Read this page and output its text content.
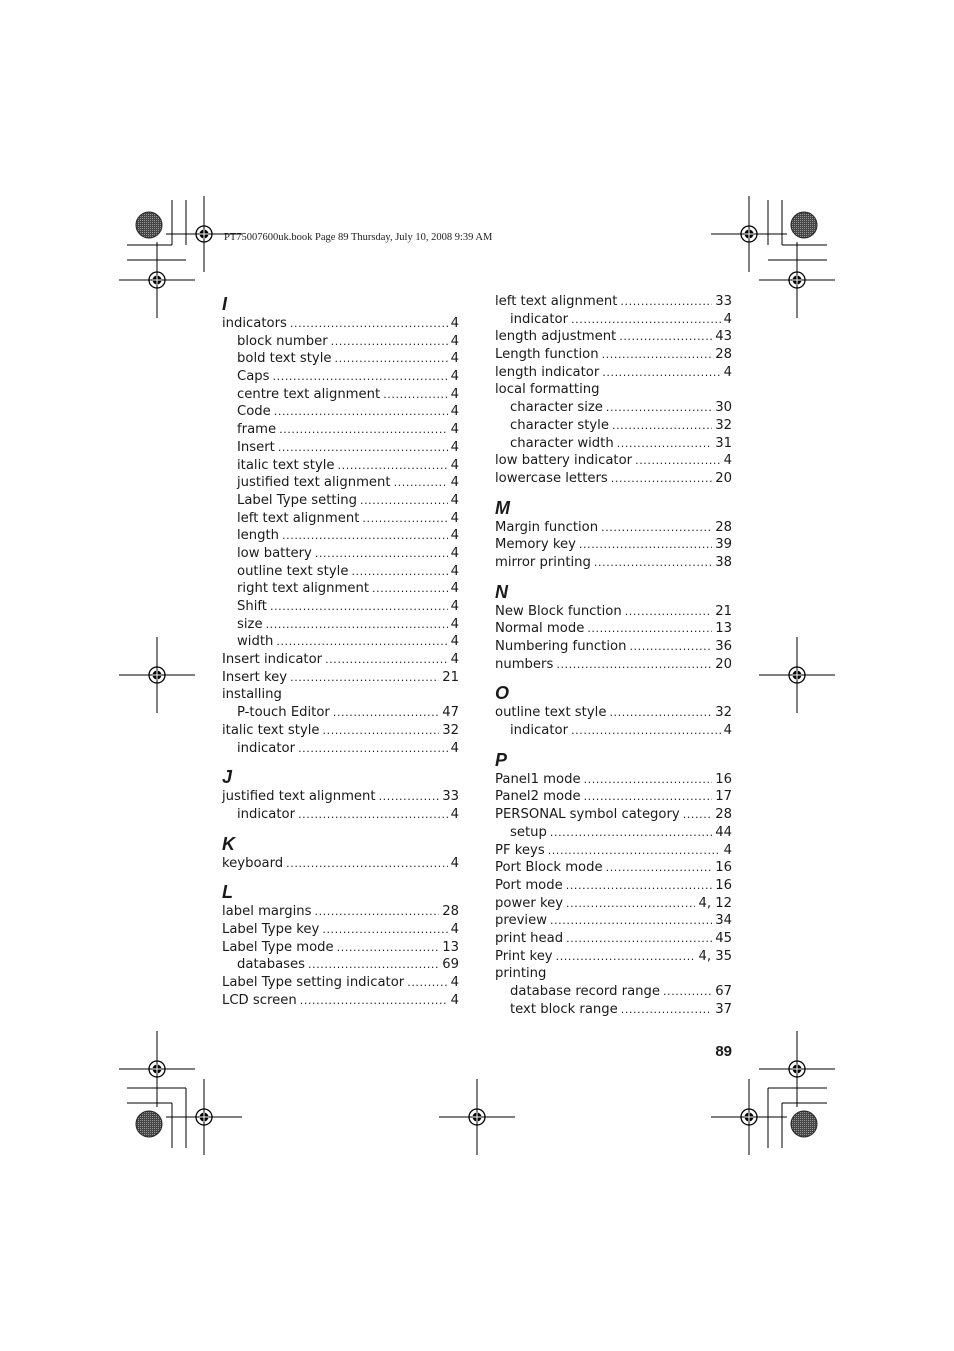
PT75007600uk.book Page 89 Thursday, July 10, 2008 9:39 AM
I
indicators .....	4
block number .....	4
bold text style .....	4
Caps .....	4
centre text alignment .....	4
Code .....	4
frame .....	4
Insert .....	4
italic text style .....	4
justified text alignment .....	4
Label Type setting .....	4
left text alignment .....	4
length .....	4
low battery .....	4
outline text style .....	4
right text alignment .....	4
Shift .....	4
size .....	4
width .....	4
Insert indicator .....	4
Insert key .....	21
installing
P-touch Editor .....	47
italic text style .....	32
indicator .....	4
J
justified text alignment .....	33
indicator .....	4
K
keyboard .....	4
L
label margins .....	28
Label Type key .....	4
Label Type mode .....	13
databases .....	69
Label Type setting indicator .....	4
LCD screen .....	4
left text alignment .....	33
indicator .....	4
length adjustment .....	43
Length function .....	28
length indicator .....	4
local formatting
character size .....	30
character style .....	32
character width .....	31
low battery indicator .....	4
lowercase letters .....	20
M
Margin function .....	28
Memory key .....	39
mirror printing .....	38
N
New Block function .....	21
Normal mode .....	13
Numbering function .....	36
numbers .....	20
O
outline text style .....	32
indicator .....	4
P
Panel1 mode .....	16
Panel2 mode .....	17
PERSONAL symbol category .....	28
setup .....	44
PF keys .....	4
Port Block mode .....	16
Port mode .....	16
power key .....	4, 12
preview .....	34
print head .....	45
Print key .....	4, 35
printing
database record range .....	67
text block range .....	37
89
